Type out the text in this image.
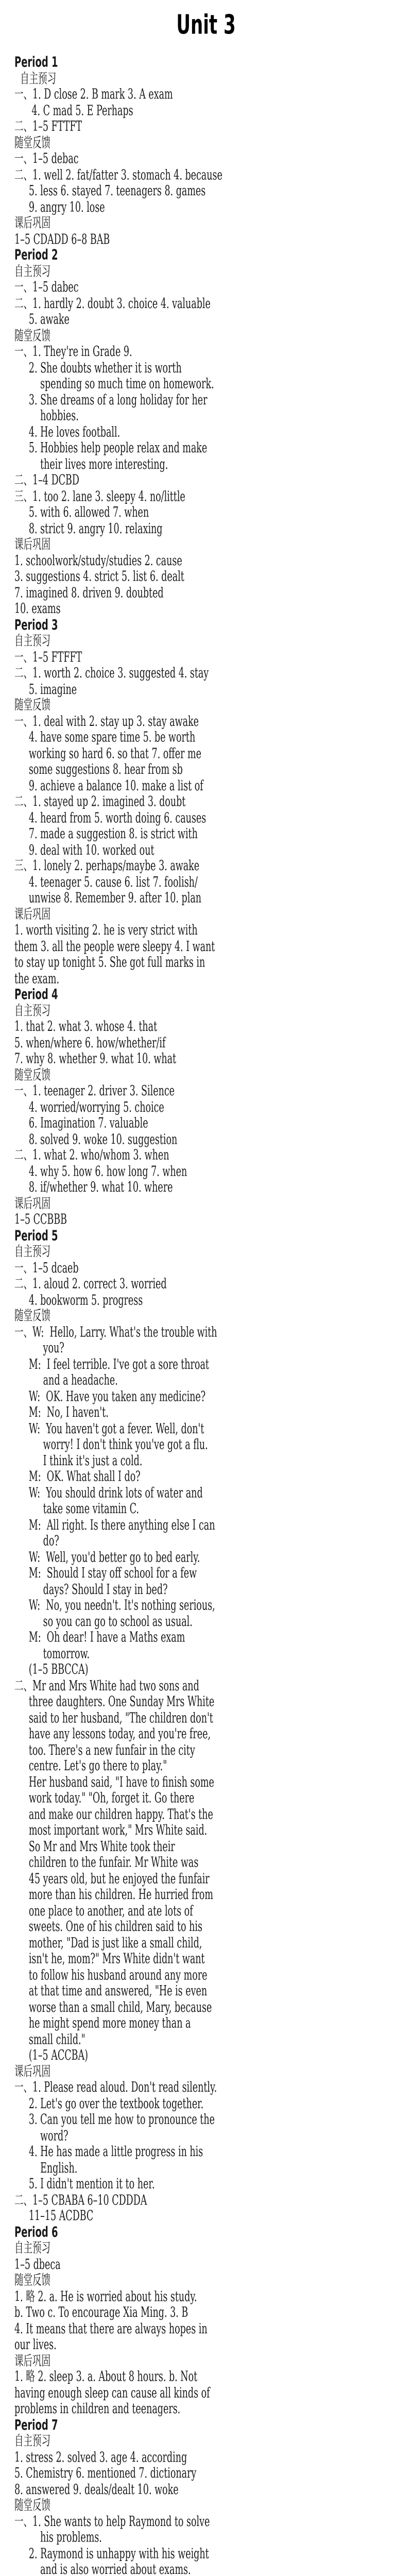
Unit 3
Period 1
自主预习
一、1. D close 2. B mark 3. A exam
4. C mad 5. E Perhaps
二、1–5 FTTFT
随堂反馈
一、1–5 debac
二、1. well 2. fat/fatter 3. stomach 4. because
5. less 6. stayed 7. teenagers 8. games
9. angry 10. lose
课后巩固
1–5 CDADD 6–8 BAB
Period 2
自主预习
一、1–5 dabec
二、1. hardly 2. doubt 3. choice 4. valuable
5. awake
随堂反馈
一、1. They're in Grade 9.
2. She doubts whether it is worth
spending so much time on homework.
3. She dreams of a long holiday for her
hobbies.
4. He loves football.
5. Hobbies help people relax and make
their lives more interesting.
二、1–4 DCBD
三、1. too 2. lane 3. sleepy 4. no/little
5. with 6. allowed 7. when
8. strict 9. angry 10. relaxing
课后巩固
1. schoolwork/study/studies 2. cause
3. suggestions 4. strict 5. list 6. dealt
7. imagined 8. driven 9. doubted
10. exams
Period 3
自主预习
一、1–5 FTFFT
二、1. worth 2. choice 3. suggested 4. stay
5. imagine
随堂反馈
一、1. deal with 2. stay up 3. stay awake
4. have some spare time 5. be worth
working so hard 6. so that 7. offer me
some suggestions 8. hear from sb
9. achieve a balance 10. make a list of
二、1. stayed up 2. imagined 3. doubt
4. heard from 5. worth doing 6. causes
7. made a suggestion 8. is strict with
9. deal with 10. worked out
三、1. lonely 2. perhaps/maybe 3. awake
4. teenager 5. cause 6. list 7. foolish/
unwise 8. Remember 9. after 10. plan
课后巩固
1. worth visiting 2. he is very strict with
them 3. all the people were sleepy 4. I want
to stay up tonight 5. She got full marks in
the exam.
Period 4
自主预习
1. that 2. what 3. whose 4. that
5. when/where 6. how/whether/if
7. why 8. whether 9. what 10. what
随堂反馈
一、1. teenager 2. driver 3. Silence
4. worried/worrying 5. choice
6. Imagination 7. valuable
8. solved 9. woke 10. suggestion
二、1. what 2. who/whom 3. when
4. why 5. how 6. how long 7. when
8. if/whether 9. what 10. where
课后巩固
1–5 CCBBB
Period 5
自主预习
一、1–5 dcaeb
二、1. aloud 2. correct 3. worried
4. bookworm 5. progress
随堂反馈
一、W:  Hello, Larry. What's the trouble with
you?
M:  I feel terrible. I've got a sore throat
and a headache.
W:  OK. Have you taken any medicine?
M:  No, I haven't.
W:  You haven't got a fever. Well, don't
worry! I don't think you've got a flu.
I think it's just a cold.
M:  OK. What shall I do?
W:  You should drink lots of water and
take some vitamin C.
M:  All right. Is there anything else I can
do?
W:  Well, you'd better go to bed early.
M:  Should I stay off school for a few
days? Should I stay in bed?
W:  No, you needn't. It's nothing serious,
so you can go to school as usual.
M:  Oh dear! I have a Maths exam
tomorrow.
(1–5 BBCCA)
二、Mr and Mrs White had two sons and
three daughters. One Sunday Mrs White
said to her husband, "The children don't
have any lessons today, and you're free,
too. There's a new funfair in the city
centre. Let's go there to play."
Her husband said, "I have to finish some
work today." "Oh, forget it. Go there
and make our children happy. That's the
most important work," Mrs White said.
So Mr and Mrs White took their
children to the funfair. Mr White was
45 years old, but he enjoyed the funfair
more than his children. He hurried from
one place to another, and ate lots of
sweets. One of his children said to his
mother, "Dad is just like a small child,
isn't he, mom?" Mrs White didn't want
to follow his husband around any more
at that time and answered, "He is even
worse than a small child, Mary, because
he might spend more money than a
small child."
(1–5 ACCBA)
课后巩固
一、1. Please read aloud. Don't read silently.
2. Let's go over the textbook together.
3. Can you tell me how to pronounce the
word?
4. He has made a little progress in his
English.
5. I didn't mention it to her.
二、1–5 CBABA 6–10 CDDDA
11–15 ACDBC
Period 6
自主预习
1–5 dbeca
随堂反馈
1. 略 2. a. He is worried about his study.
b. Two c. To encourage Xia Ming. 3. B
4. It means that there are always hopes in
our lives.
课后巩固
1. 略 2. sleep 3. a. About 8 hours. b. Not
having enough sleep can cause all kinds of
problems in children and teenagers.
Period 7
自主预习
1. stress 2. solved 3. age 4. according
5. Chemistry 6. mentioned 7. dictionary
8. answered 9. deals/dealt 10. woke
随堂反馈
一、1. She wants to help Raymond to solve
his problems.
2. Raymond is unhappy with his weight
and is also worried about exams.
